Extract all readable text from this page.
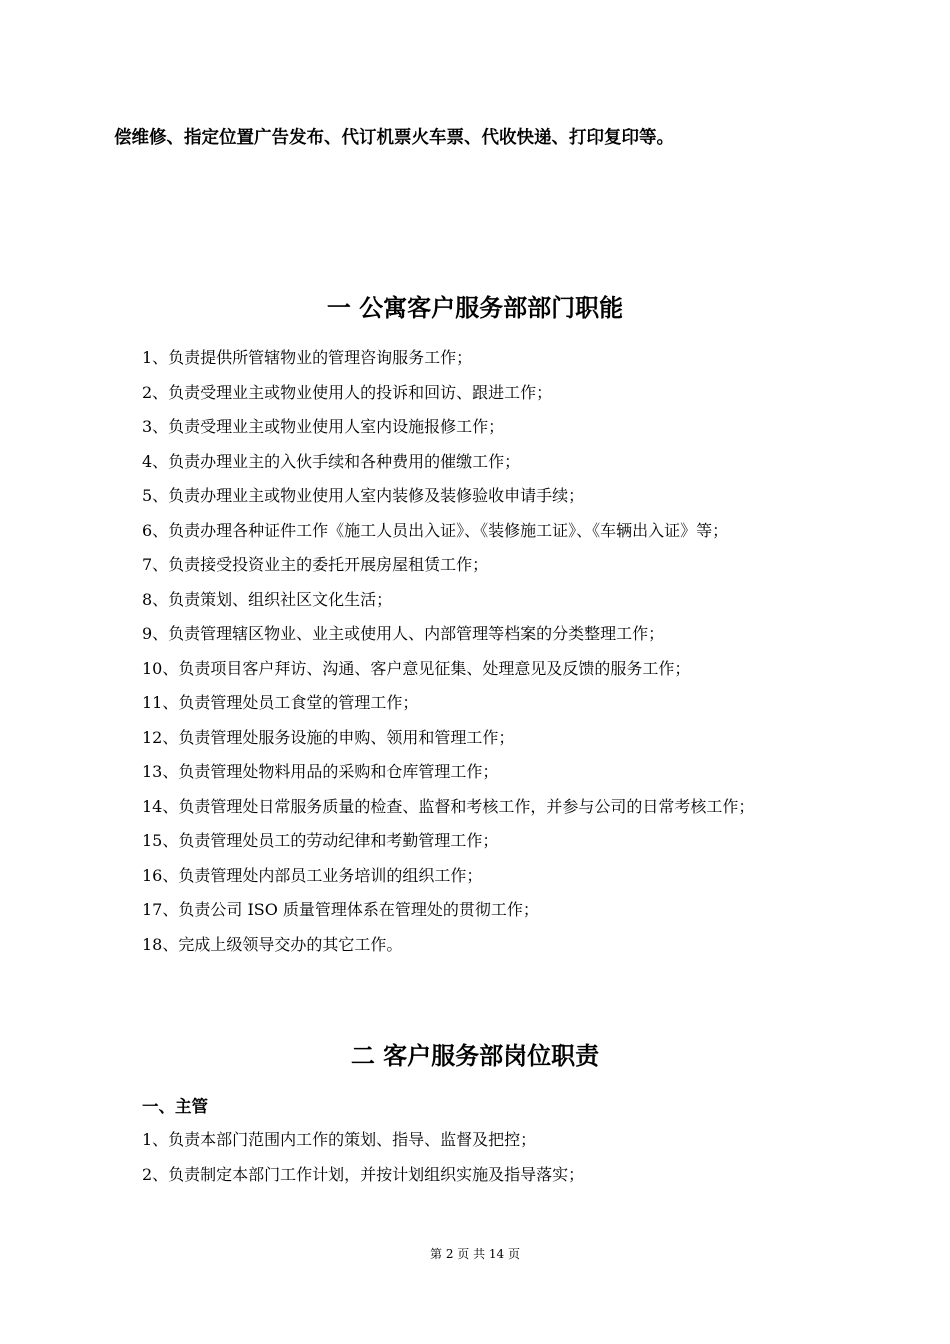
偿维修、指定位置广告发布、代订机票火车票、代收快递、打印复印等。
一 公寓客户服务部部门职能
1、负责提供所管辖物业的管理咨询服务工作；
2、负责受理业主或物业使用人的投诉和回访、跟进工作；
3、负责受理业主或物业使用人室内设施报修工作；
4、负责办理业主的入伙手续和各种费用的催缴工作；
5、负责办理业主或物业使用人室内装修及装修验收申请手续；
6、负责办理各种证件工作《施工人员出入证》、《装修施工证》、《车辆出入证》等；
7、负责接受投资业主的委托开展房屋租赁工作；
8、负责策划、组织社区文化生活；
9、负责管理辖区物业、业主或使用人、内部管理等档案的分类整理工作；
10、负责项目客户拜访、沟通、客户意见征集、处理意见及反馈的服务工作；
11、负责管理处员工食堂的管理工作；
12、负责管理处服务设施的申购、领用和管理工作；
13、负责管理处物料用品的采购和仓库管理工作；
14、负责管理处日常服务质量的检查、监督和考核工作，并参与公司的日常考核工作；
15、负责管理处员工的劳动纪律和考勤管理工作；
16、负责管理处内部员工业务培训的组织工作；
17、负责公司 ISO 质量管理体系在管理处的贯彻工作；
18、完成上级领导交办的其它工作。
二 客户服务部岗位职责
一、主管
1、负责本部门范围内工作的策划、指导、监督及把控；
2、负责制定本部门工作计划，并按计划组织实施及指导落实；
第 2 页 共 14 页
